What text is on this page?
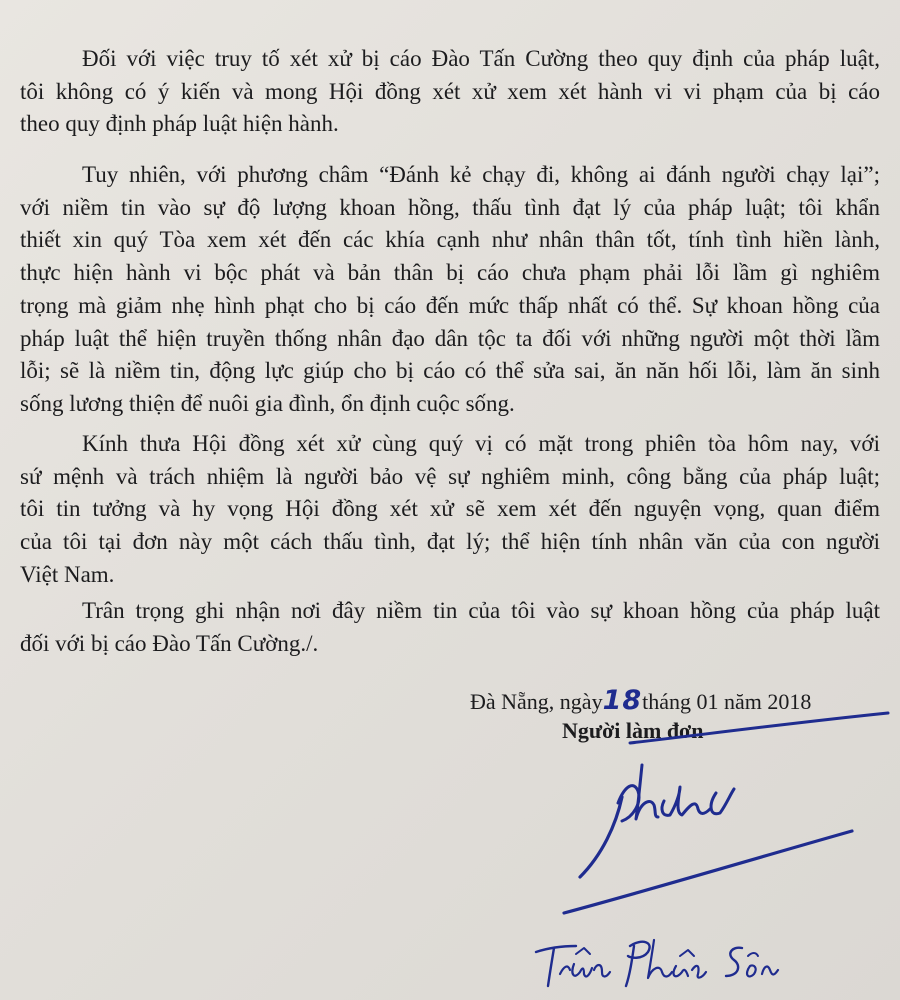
Đối với việc truy tố xét xử bị cáo Đào Tấn Cường theo quy định của pháp luật,
tôi không có ý kiến và mong Hội đồng xét xử xem xét hành vi vi phạm của bị cáo
theo quy định pháp luật hiện hành.
Tuy nhiên, với phương châm “Đánh kẻ chạy đi, không ai đánh người chạy lại”;
với niềm tin vào sự độ lượng khoan hồng, thấu tình đạt lý của pháp luật; tôi khẩn
thiết xin quý Tòa xem xét đến các khía cạnh như nhân thân tốt, tính tình hiền lành,
thực hiện hành vi bộc phát và bản thân bị cáo chưa phạm phải lỗi lầm gì nghiêm
trọng mà giảm nhẹ hình phạt cho bị cáo đến mức thấp nhất có thể. Sự khoan hồng của
pháp luật thể hiện truyền thống nhân đạo dân tộc ta đối với những người một thời lầm
lỗi; sẽ là niềm tin, động lực giúp cho bị cáo có thể sửa sai, ăn năn hối lỗi, làm ăn sinh
sống lương thiện để nuôi gia đình, ổn định cuộc sống.
Kính thưa Hội đồng xét xử cùng quý vị có mặt trong phiên tòa hôm nay, với
sứ mệnh và trách nhiệm là người bảo vệ sự nghiêm minh, công bằng của pháp luật;
tôi tin tưởng và hy vọng Hội đồng xét xử sẽ xem xét đến nguyện vọng, quan điểm
của tôi tại đơn này một cách thấu tình, đạt lý; thể hiện tính nhân văn của con người
Việt Nam.
Trân trọng ghi nhận nơi đây niềm tin của tôi vào sự khoan hồng của pháp luật
đối với bị cáo Đào Tấn Cường./.
Đà Nẵng, ngày18tháng 01 năm 2018
Người làm đơn
